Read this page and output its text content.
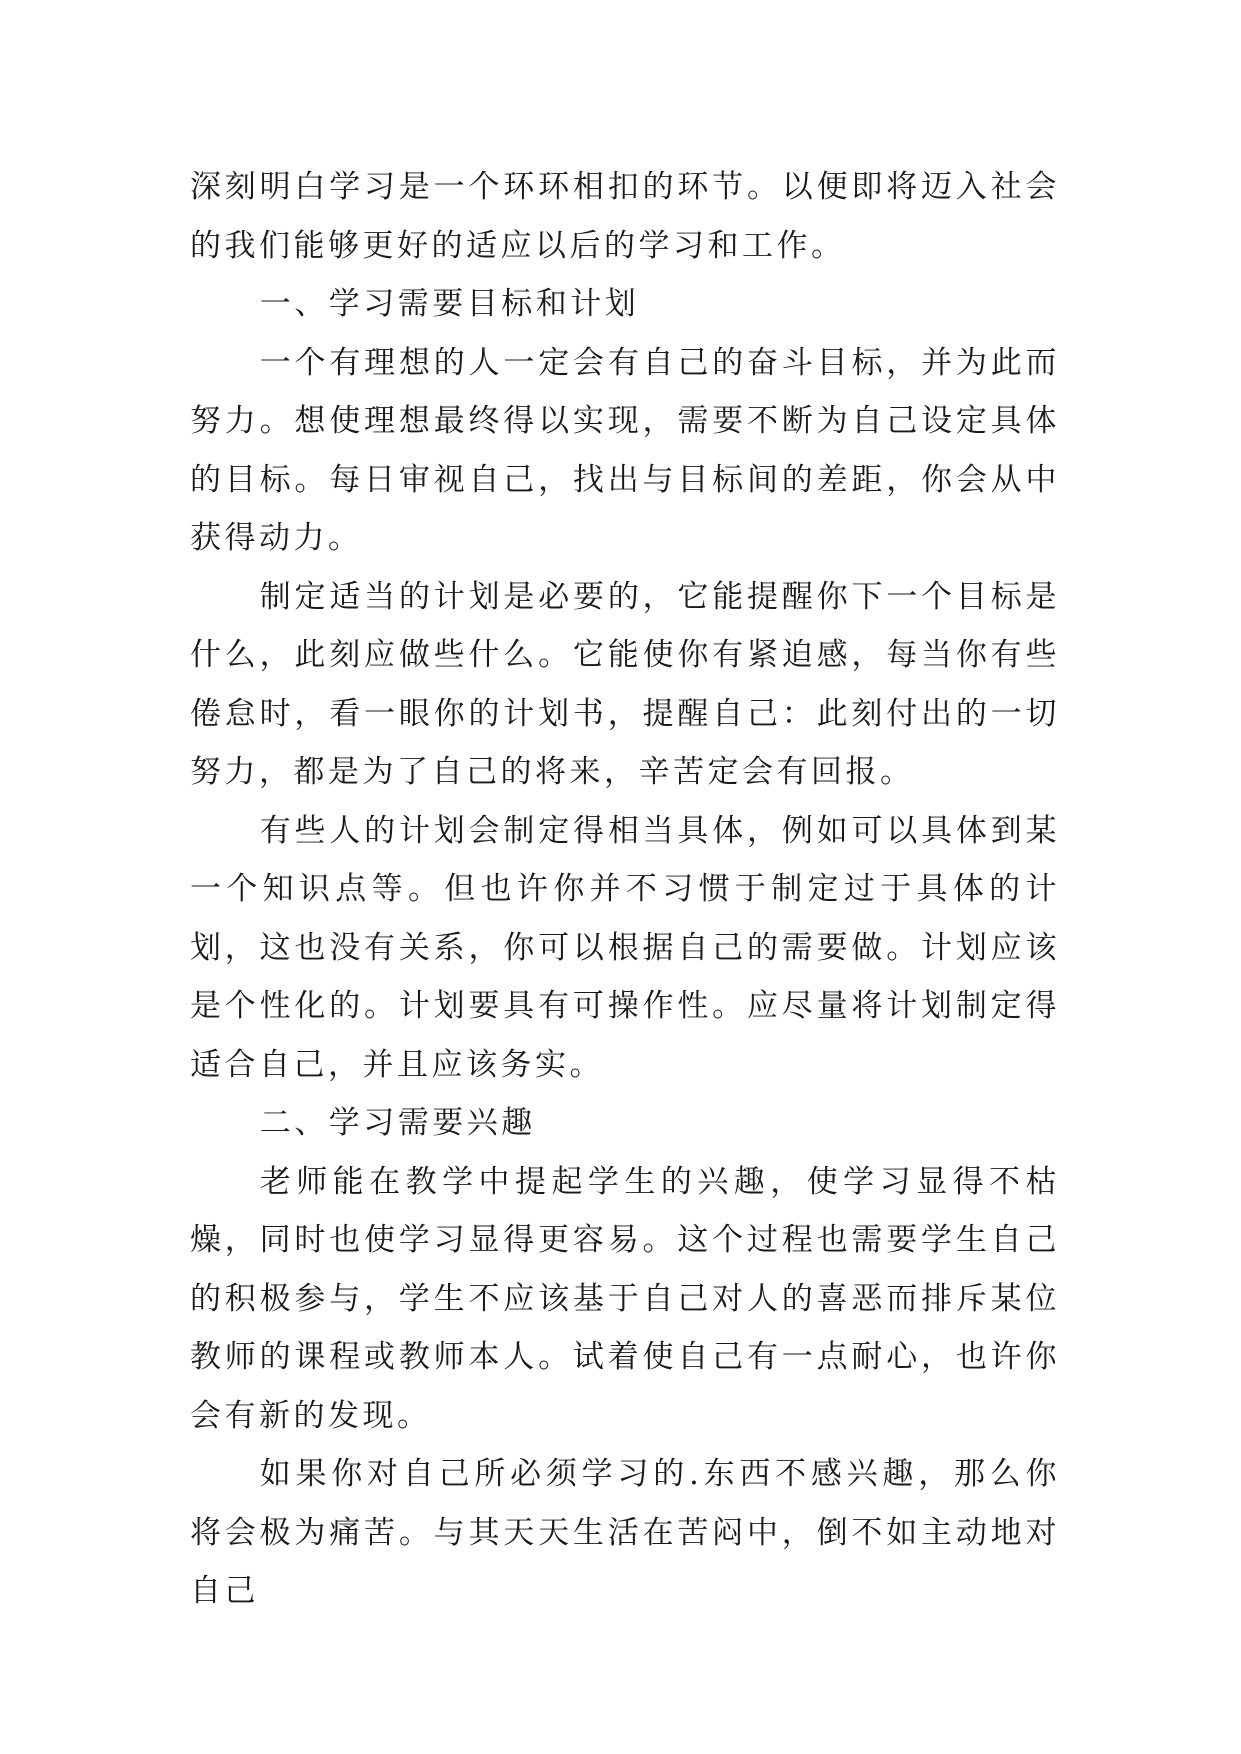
深刻明白学习是一个环环相扣的环节。以便即将迈入社会的我们能够更好的适应以后的学习和工作。

一、学习需要目标和计划

一个有理想的人一定会有自己的奋斗目标，并为此而努力。想使理想最终得以实现，需要不断为自己设定具体的目标。每日审视自己，找出与目标间的差距，你会从中获得动力。

制定适当的计划是必要的，它能提醒你下一个目标是什么，此刻应做些什么。它能使你有紧迫感，每当你有些倦怠时，看一眼你的计划书，提醒自己：此刻付出的一切努力，都是为了自己的将来，辛苦定会有回报。

有些人的计划会制定得相当具体，例如可以具体到某一个知识点等。但也许你并不习惯于制定过于具体的计划，这也没有关系，你可以根据自己的需要做。计划应该是个性化的。计划要具有可操作性。应尽量将计划制定得适合自己，并且应该务实。

二、学习需要兴趣

老师能在教学中提起学生的兴趣，使学习显得不枯燥，同时也使学习显得更容易。这个过程也需要学生自己的积极参与，学生不应该基于自己对人的喜恶而排斥某位教师的课程或教师本人。试着使自己有一点耐心，也许你会有新的发现。

如果你对自己所必须学习的.东西不感兴趣，那么你将会极为痛苦。与其天天生活在苦闷中，倒不如主动地对自己
